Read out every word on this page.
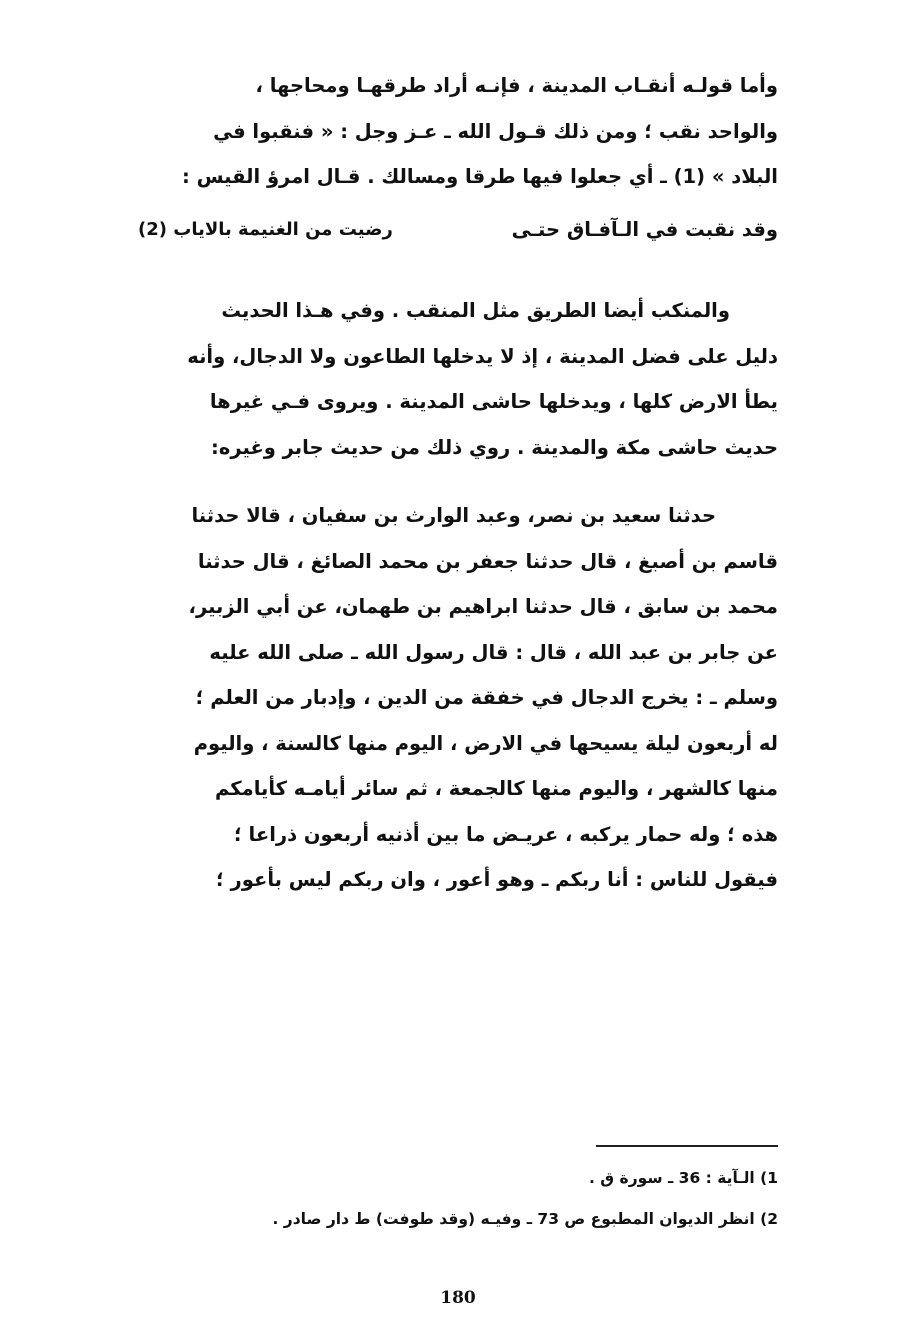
وأما قولـه أنقـاب المدينة ، فإنـه أراد طرقهـا ومحاجها ،
والواحد نقب ؛ ومن ذلك قـول الله ـ عـز وجل : « فنقبوا في
البلاد » (1) ـ أي جعلوا فيها طرقا ومسالك . قـال امرؤ القيس :
وقد نقبت في الـآفـاق حتـى
رضيت من الغنيمة بالاياب (2)
والمنكب أيضا الطريق مثل المنقب . وفي هـذا الحديث
دليل على فضل المدينة ، إذ لا يدخلها الطاعون ولا الدجال، وأنه
يطأ الارض كلها ، ويدخلها حاشى المدينة . ويروى فـي غيرها
حديث حاشى مكة والمدينة . روي ذلك من حديث جابر وغيره:
حدثنا سعيد بن نصر، وعبد الوارث بن سفيان ، قالا حدثنا
قاسم بن أصبغ ، قال حدثنا جعفر بن محمد الصائغ ، قال حدثنا
محمد بن سابق ، قال حدثنا ابراهيم بن طهمان، عن أبي الزبير،
عن جابر بن عبد الله ، قال : قال رسول الله ـ صلى الله عليه
وسلم ـ : يخرج الدجال في خفقة من الدين ، وإدبار من العلم ؛
له أربعون ليلة يسيحها في الارض ، اليوم منها كالسنة ، واليوم
منها كالشهر ، واليوم منها كالجمعة ، ثم سائر أيامـه كأيامكم
هذه ؛ وله حمار يركبه ، عريـض ما بين أذنيه أربعون ذراعا ؛
فيقول للناس : أنا ربكم ـ وهو أعور ، وان ربكم ليس بأعور ؛
1) الـآية : 36 ـ سورة ق .
2) انظر الديوان المطبوع ص 73 ـ وفيـه (وقد طوفت) ط دار صادر .
180
